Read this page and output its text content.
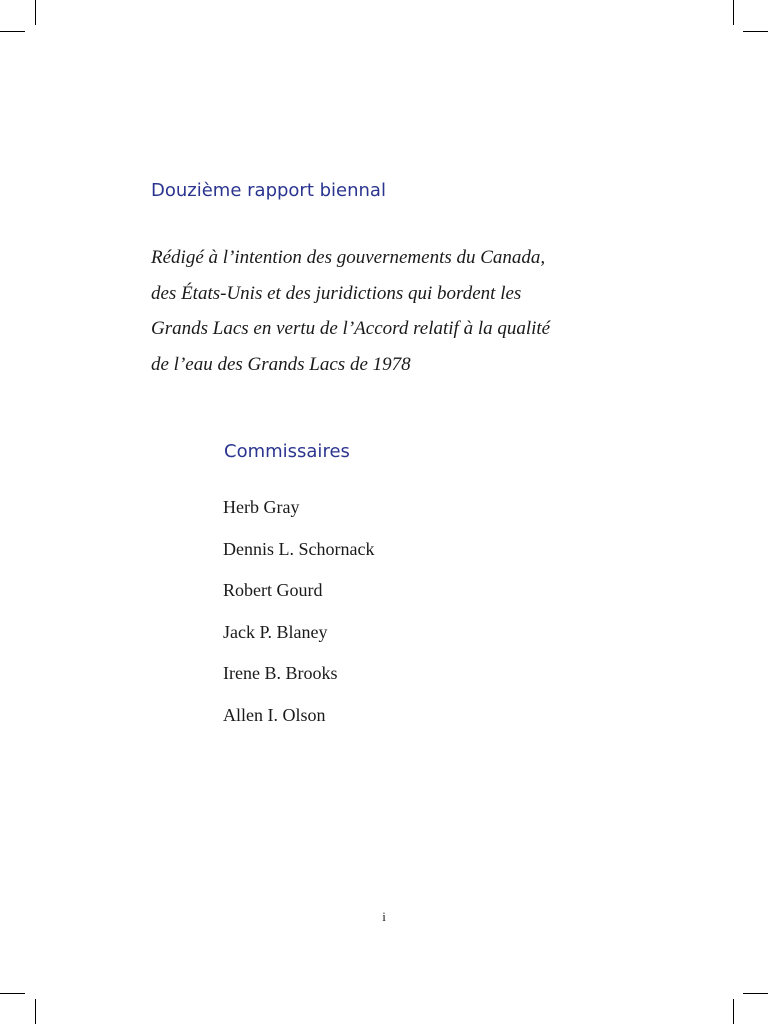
Douzième rapport biennal
Rédigé à l’intention des gouvernements du Canada,
des États-Unis et des juridictions qui bordent les
Grands Lacs en vertu de l’Accord relatif à la qualité
de l’eau des Grands Lacs de 1978
Commissaires
Herb Gray
Dennis L. Schornack
Robert Gourd
Jack P. Blaney
Irene B. Brooks
Allen I. Olson
i
